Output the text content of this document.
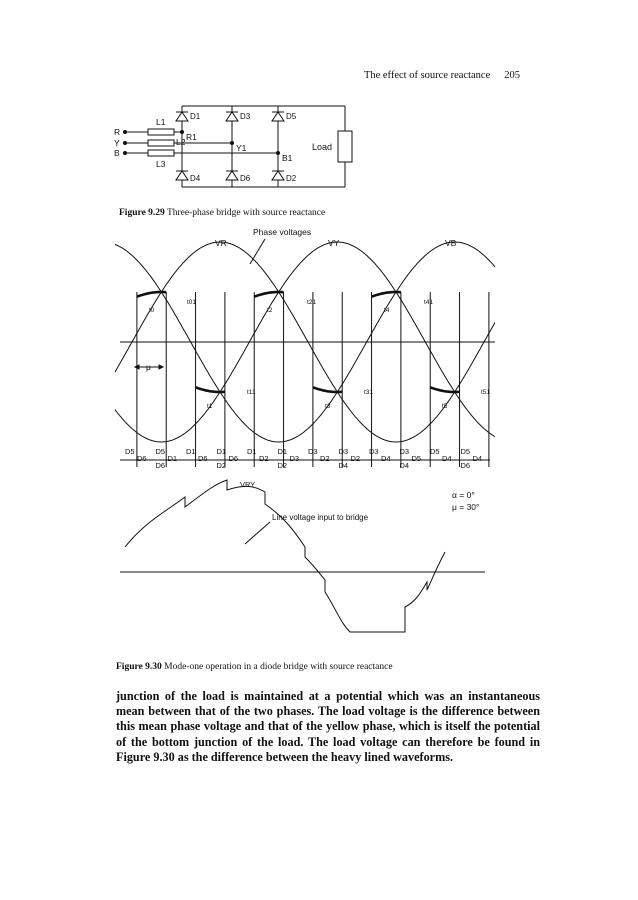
The effect of source reactance 205
Load
D1	D3	D5
D4	D6	D2
R
Y
B
L1
L2
L3
R1
Y1
B1
Figure 9.29 Three-phase bridge with source reactance
Phase voltages
VR	VY	VB
μ
t01	t21	t41
t0	t2	t4
t11	t31	t51
t1	t3	t5
D5
D6
D5
D1
D6
D1
D6
D1
D6
D2
D1
D2
D1
D3
D2
D3
D2
D3
D2
D4
D3
D4
D3
D5
D4
D5
D4
D5
D4
D6
VRY
Line voltage input to bridge
α = 0°
μ = 30°
Figure 9.30 Mode-one operation in a diode bridge with source reactance
junction of the load is maintained at a potential which was an instantaneous mean between that of the two phases. The load voltage is the difference between this mean phase voltage and that of the yellow phase, which is itself the potential of the bottom junction of the load. The load voltage can therefore be found in Figure 9.30 as the difference between the heavy lined waveforms.
